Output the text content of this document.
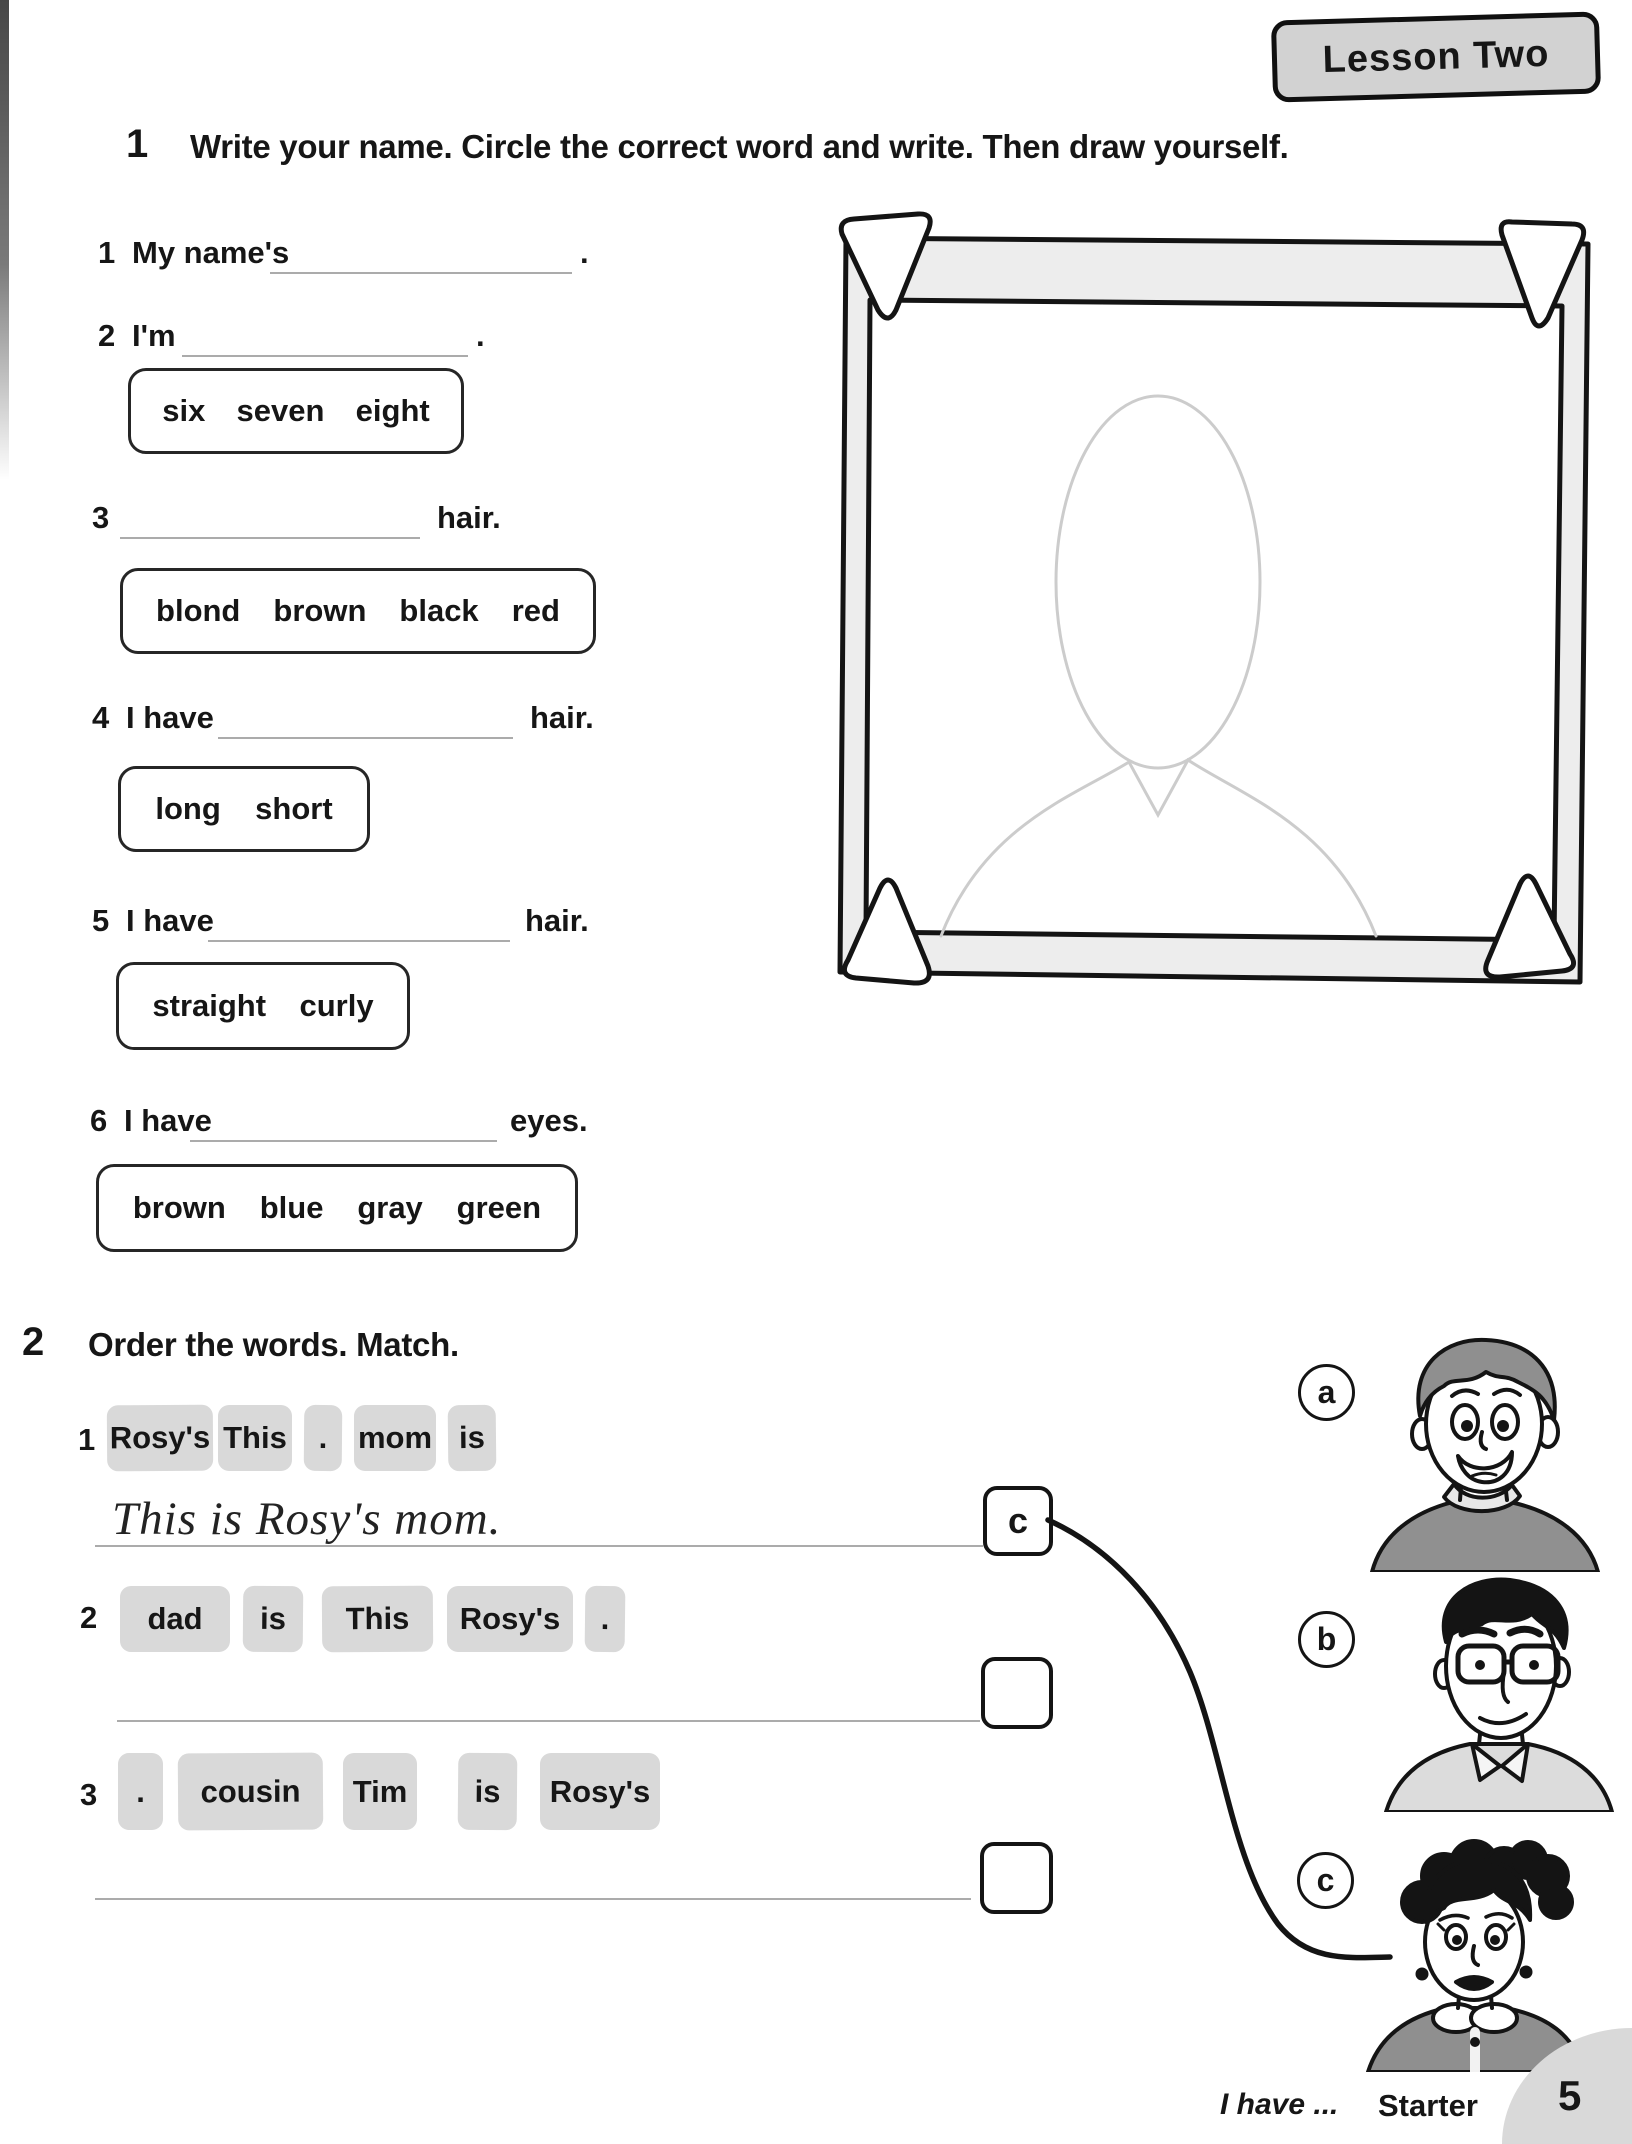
Lesson Two
1 Write your name. Circle the correct word and write. Then draw yourself.
1 My name's	.
2 I'm	.
six seven eight
3	hair.
blond brown black red
4 I have	hair.
long short
5 I have	hair.
straight curly
6 I have	eyes.
brown blue gray green
2 Order the words. Match.
1 Rosy's This	. mom is
This is Rosy's mom.	c
2	dad	is	This	Rosy's	.
3	.	cousin	Tim	is	Rosy's
a
b
c
I have ... Starter 5
